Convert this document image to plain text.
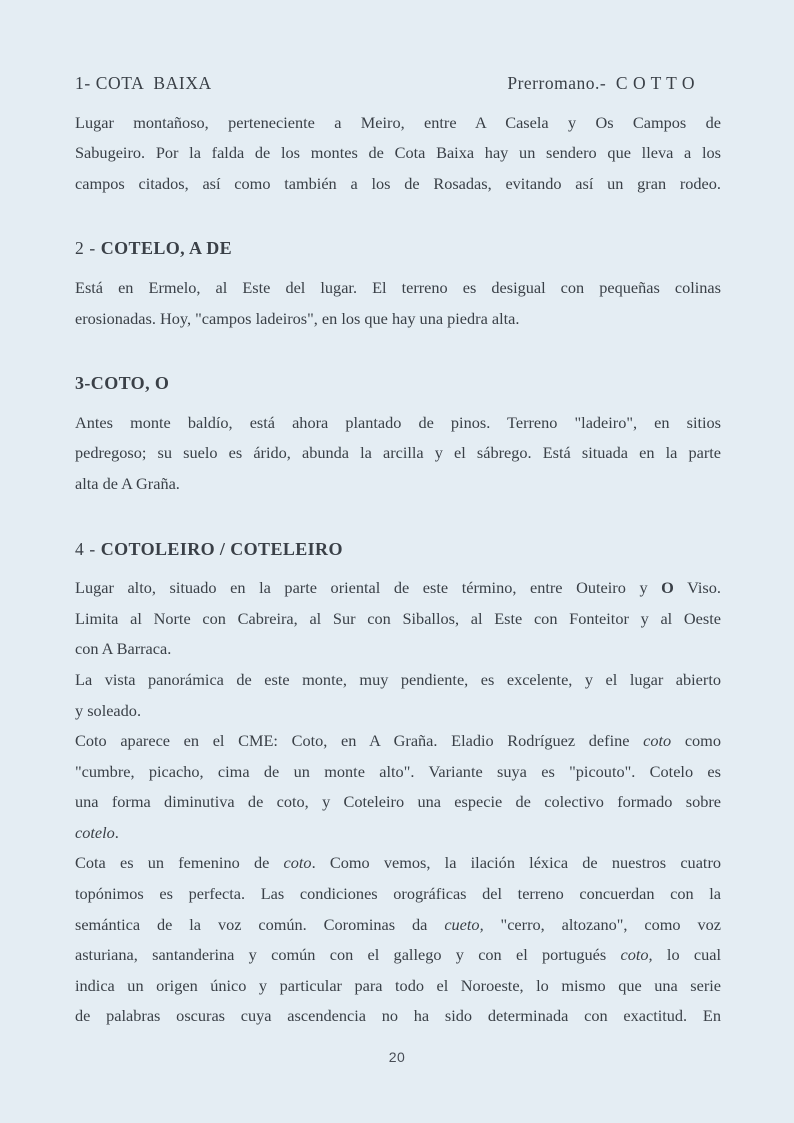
1- COTA  BAIXA	Prerromano.-  C O T T O
Lugar montañoso, perteneciente a Meiro, entre A Casela y Os Campos de
Sabugeiro. Por la falda de los montes de Cota Baixa hay un sendero que lleva a los
campos citados, así como también a los de Rosadas, evitando así un gran rodeo.
2 - COTELO, A DE
Está en Ermelo, al Este del lugar. El terreno es desigual con pequeñas colinas
erosionadas. Hoy, "campos ladeiros", en los que hay una piedra alta.
3-COTO, O
Antes monte baldío, está ahora plantado de pinos. Terreno "ladeiro", en sitios
pedregoso; su suelo es árido, abunda la arcilla y el sábrego. Está situada en la parte
alta de A Graña.
4 - COTOLEIRO / COTELEIRO
Lugar alto, situado en la parte oriental de este término, entre Outeiro y O Viso.
Limita al Norte con Cabreira, al Sur con Siballos, al Este con Fonteitor y al Oeste
con A Barraca.
La vista panorámica de este monte, muy pendiente, es excelente, y el lugar abierto
y soleado.
Coto aparece en el CME: Coto, en A Graña. Eladio Rodríguez define coto como
"cumbre, picacho, cima de un monte alto". Variante suya es "picouto". Cotelo es
una forma diminutiva de coto, y Coteleiro una especie de colectivo formado sobre
cotelo.
Cota es un femenino de coto. Como vemos, la ilación léxica de nuestros cuatro
topónimos es perfecta. Las condiciones orográficas del terreno concuerdan con la
semántica de la voz común. Corominas da cueto, "cerro, altozano", como voz
asturiana, santanderina y común con el gallego y con el portugués coto, lo cual
indica un origen único y particular para todo el Noroeste, lo mismo que una serie
de palabras oscuras cuya ascendencia no ha sido determinada con exactitud. En
20
